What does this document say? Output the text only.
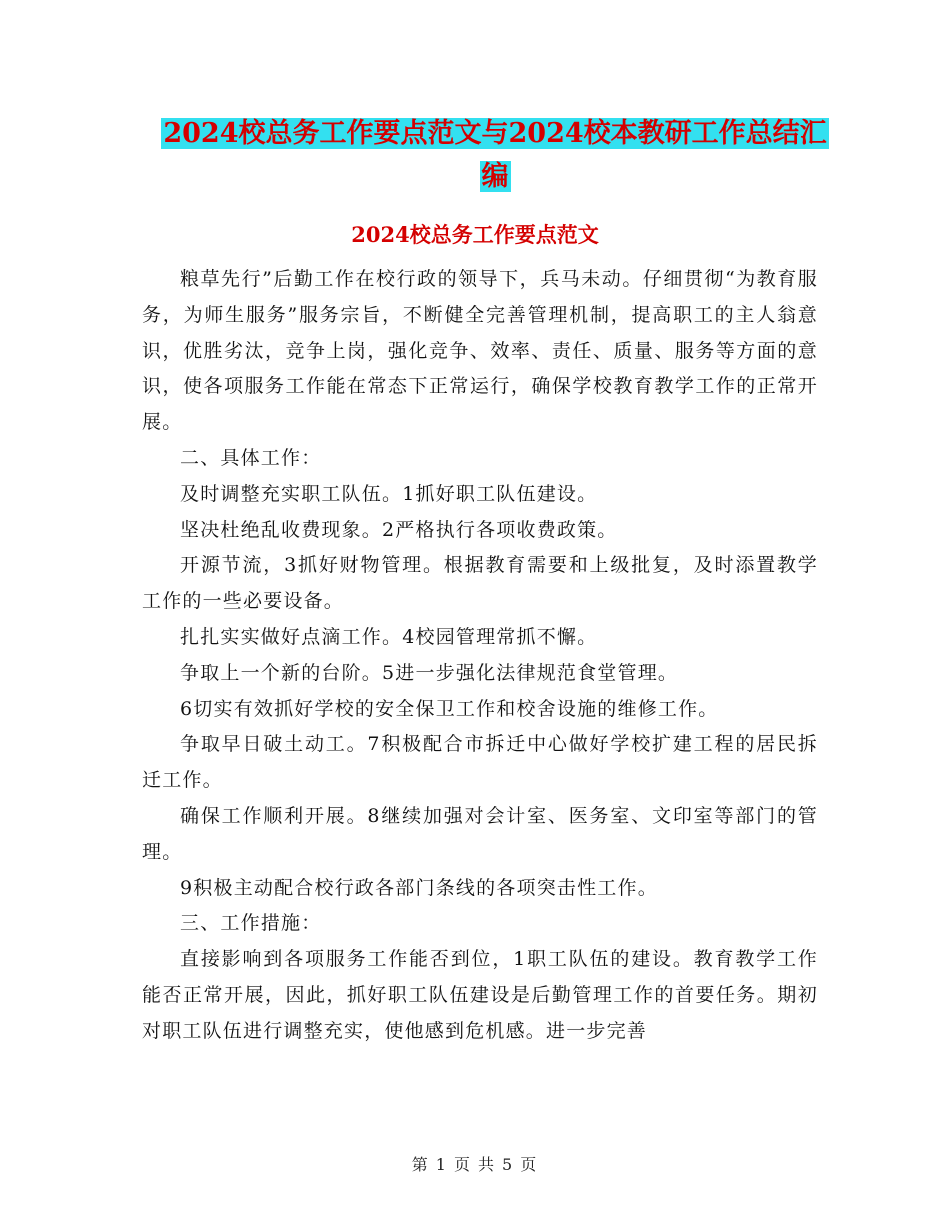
2024校总务工作要点范文与2024校本教研工作总结汇
编
2024校总务工作要点范文

粮草先行”后勤工作在校行政的领导下，兵马未动。仔细贯彻“为教育服务，为师生服务”服务宗旨，不断健全完善管理机制，提高职工的主人翁意识，优胜劣汰，竞争上岗，强化竞争、效率、责任、质量、服务等方面的意识，使各项服务工作能在常态下正常运行，确保学校教育教学工作的正常开展。

二、具体工作：

及时调整充实职工队伍。1抓好职工队伍建设。

坚决杜绝乱收费现象。2严格执行各项收费政策。

开源节流，3抓好财物管理。根据教育需要和上级批复，及时添置教学工作的一些必要设备。

扎扎实实做好点滴工作。4校园管理常抓不懈。

争取上一个新的台阶。5进一步强化法律规范食堂管理。

6切实有效抓好学校的安全保卫工作和校舍设施的维修工作。

争取早日破土动工。7积极配合市拆迁中心做好学校扩建工程的居民拆迁工作。

确保工作顺利开展。8继续加强对会计室、医务室、文印室等部门的管理。

9积极主动配合校行政各部门条线的各项突击性工作。

三、工作措施：

直接影响到各项服务工作能否到位，1职工队伍的建设。教育教学工作能否正常开展，因此，抓好职工队伍建设是后勤管理工作的首要任务。期初对职工队伍进行调整充实，使他感到危机感。进一步完善

第 1 页 共 5 页
